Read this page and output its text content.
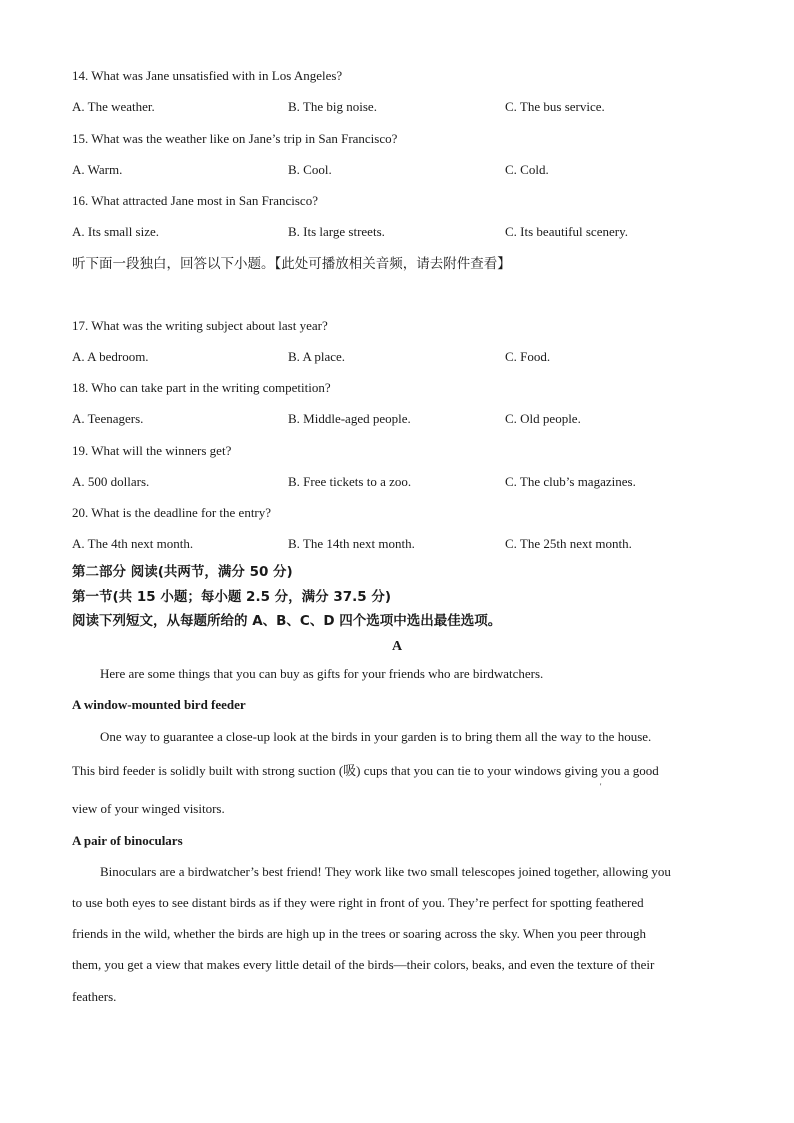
14. What was Jane unsatisfied with in Los Angeles?
A. The weather.	B. The big noise.	C. The bus service.
15. What was the weather like on Jane’s trip in San Francisco?
A. Warm.	B. Cool.	C. Cold.
16. What attracted Jane most in San Francisco?
A. Its small size.	B. Its large streets.	C. Its beautiful scenery.
听下面一段独白，回答以下小题。【此处可播放相关音频，请去附件查看】
17. What was the writing subject about last year?
A. A bedroom.	B. A place.	C. Food.
18. Who can take part in the writing competition?
A. Teenagers.	B. Middle-aged people.	C. Old people.
19. What will the winners get?
A. 500 dollars.	B. Free tickets to a zoo.	C. The club’s magazines.
20. What is the deadline for the entry?
A. The 4th next month.	B. The 14th next month.	C. The 25th next month.
第二部分 阅读(共两节，满分 50 分)
第一节(共 15 小题；每小题 2.5 分，满分 37.5 分)
阅读下列短文，从每题所给的 A、B、C、D 四个选项中选出最佳选项。
A
Here are some things that you can buy as gifts for your friends who are birdwatchers.
A window-mounted bird feeder
One way to guarantee a close-up look at the birds in your garden is to bring them all the way to the house.
This bird feeder is solidly built with strong suction (吸) cups that you can tie to your windows giving you a good
'
view of your winged visitors.
A pair of binoculars
Binoculars are a birdwatcher’s best friend! They work like two small telescopes joined together, allowing you
to use both eyes to see distant birds as if they were right in front of you. They’re perfect for spotting feathered
friends in the wild, whether the birds are high up in the trees or soaring across the sky. When you peer through
them, you get a view that makes every little detail of the birds—their colors, beaks, and even the texture of their
feathers.
